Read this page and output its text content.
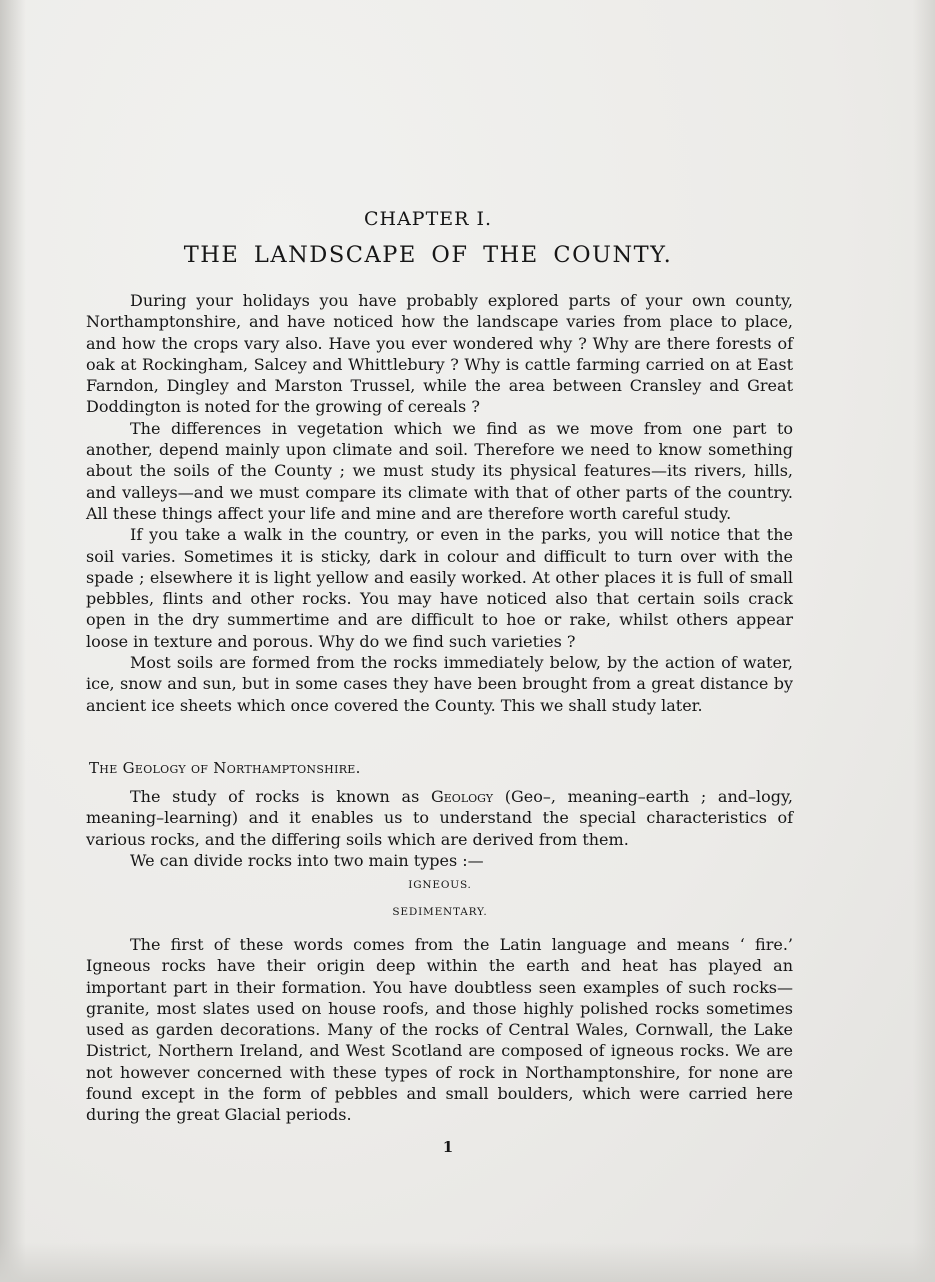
CHAPTER I.
THE LANDSCAPE OF THE COUNTY.

During your holidays you have probably explored parts of your own county, Northamptonshire, and have noticed how the landscape varies from place to place, and how the crops vary also. Have you ever wondered why ? Why are there forests of oak at Rockingham, Salcey and Whittlebury ? Why is cattle farming carried on at East Farndon, Dingley and Marston Trussel, while the area between Cransley and Great Doddington is noted for the growing of cereals ?

The differences in vegetation which we find as we move from one part to another, depend mainly upon climate and soil. Therefore we need to know something about the soils of the County ; we must study its physical features—its rivers, hills, and valleys—and we must compare its climate with that of other parts of the country. All these things affect your life and mine and are therefore worth careful study.

If you take a walk in the country, or even in the parks, you will notice that the soil varies. Sometimes it is sticky, dark in colour and difficult to turn over with the spade ; elsewhere it is light yellow and easily worked. At other places it is full of small pebbles, flints and other rocks. You may have noticed also that certain soils crack open in the dry summertime and are difficult to hoe or rake, whilst others appear loose in texture and porous. Why do we find such varieties ?

Most soils are formed from the rocks immediately below, by the action of water, ice, snow and sun, but in some cases they have been brought from a great distance by ancient ice sheets which once covered the County. This we shall study later.

The Geology of Northamptonshire.

The study of rocks is known as Geology (Geo–, meaning–earth ; and–logy, meaning–learning) and it enables us to understand the special characteristics of various rocks, and the differing soils which are derived from them.

We can divide rocks into two main types :—

IGNEOUS.
SEDIMENTARY.

The first of these words comes from the Latin language and means ‘ fire.’ Igneous rocks have their origin deep within the earth and heat has played an important part in their formation. You have doubtless seen examples of such rocks—granite, most slates used on house roofs, and those highly polished rocks sometimes used as garden decorations. Many of the rocks of Central Wales, Cornwall, the Lake District, Northern Ireland, and West Scotland are composed of igneous rocks. We are not however concerned with these types of rock in Northamptonshire, for none are found except in the form of pebbles and small boulders, which were carried here during the great Glacial periods.

1
